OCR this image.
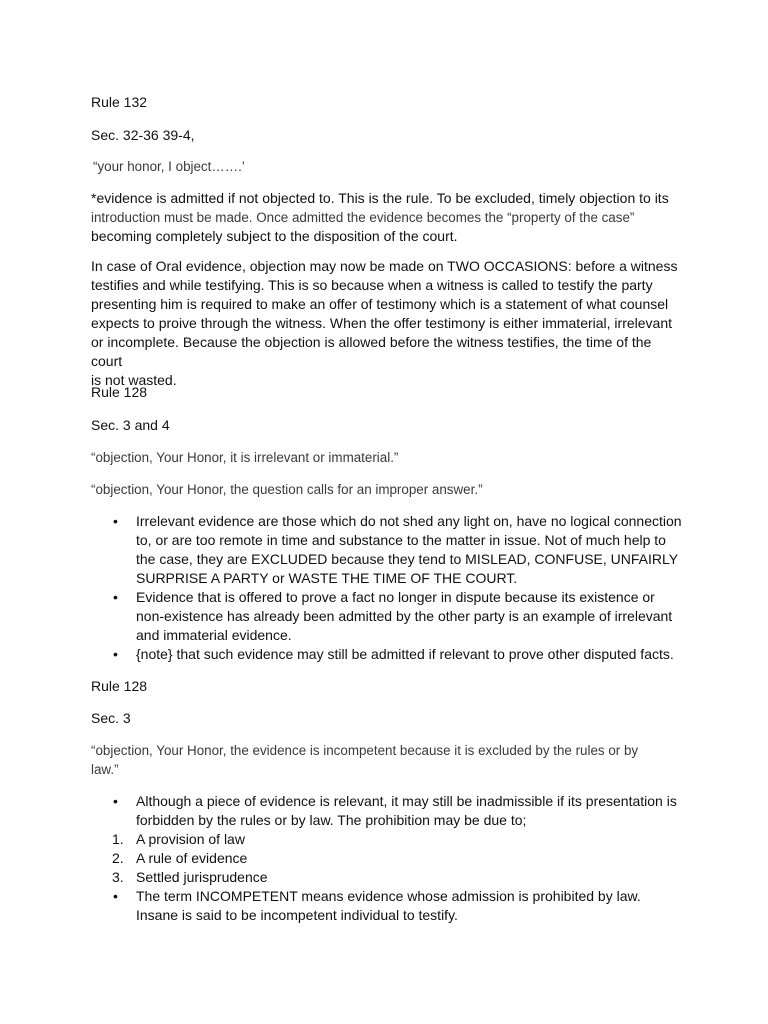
Rule 132
Sec. 32-36 39-4,
“your honor, I object…….’
*evidence is admitted if not objected to. This is the rule. To be excluded, timely objection to its
introduction must be made. Once admitted the evidence becomes the “property of the case”
becoming completely subject to the disposition of the court.
In case of Oral evidence, objection may now be made on TWO OCCASIONS: before a witness
testifies and while testifying. This is so because when a witness is called to testify the party
presenting him is required to make an offer of testimony which is a statement of what counsel
expects to proive through the witness. When the offer testimony is either immaterial, irrelevant
or incomplete. Because the objection is allowed before the witness testifies, the time of the court
is not wasted.
Rule 128
Sec. 3 and 4
“objection, Your Honor, it is irrelevant or immaterial.”
“objection, Your Honor, the question calls for an improper answer.”
• Irrelevant evidence are those which do not shed any light on, have no logical connection
to, or are too remote in time and substance to the matter in issue. Not of much help to
the case, they are EXCLUDED because they tend to MISLEAD, CONFUSE, UNFAIRLY
SURPRISE A PARTY or WASTE THE TIME OF THE COURT.
• Evidence that is offered to prove a fact no longer in dispute because its existence or
non-existence has already been admitted by the other party is an example of irrelevant
and immaterial evidence.
• {note} that such evidence may still be admitted if relevant to prove other disputed facts.
Rule 128
Sec. 3
“objection, Your Honor, the evidence is incompetent because it is excluded by the rules or by
law.”
• Although a piece of evidence is relevant, it may still be inadmissible if its presentation is
forbidden by the rules or by law. The prohibition may be due to;
1. A provision of law
2. A rule of evidence
3. Settled jurisprudence
• The term INCOMPETENT means evidence whose admission is prohibited by law.
Insane is said to be incompetent individual to testify.
